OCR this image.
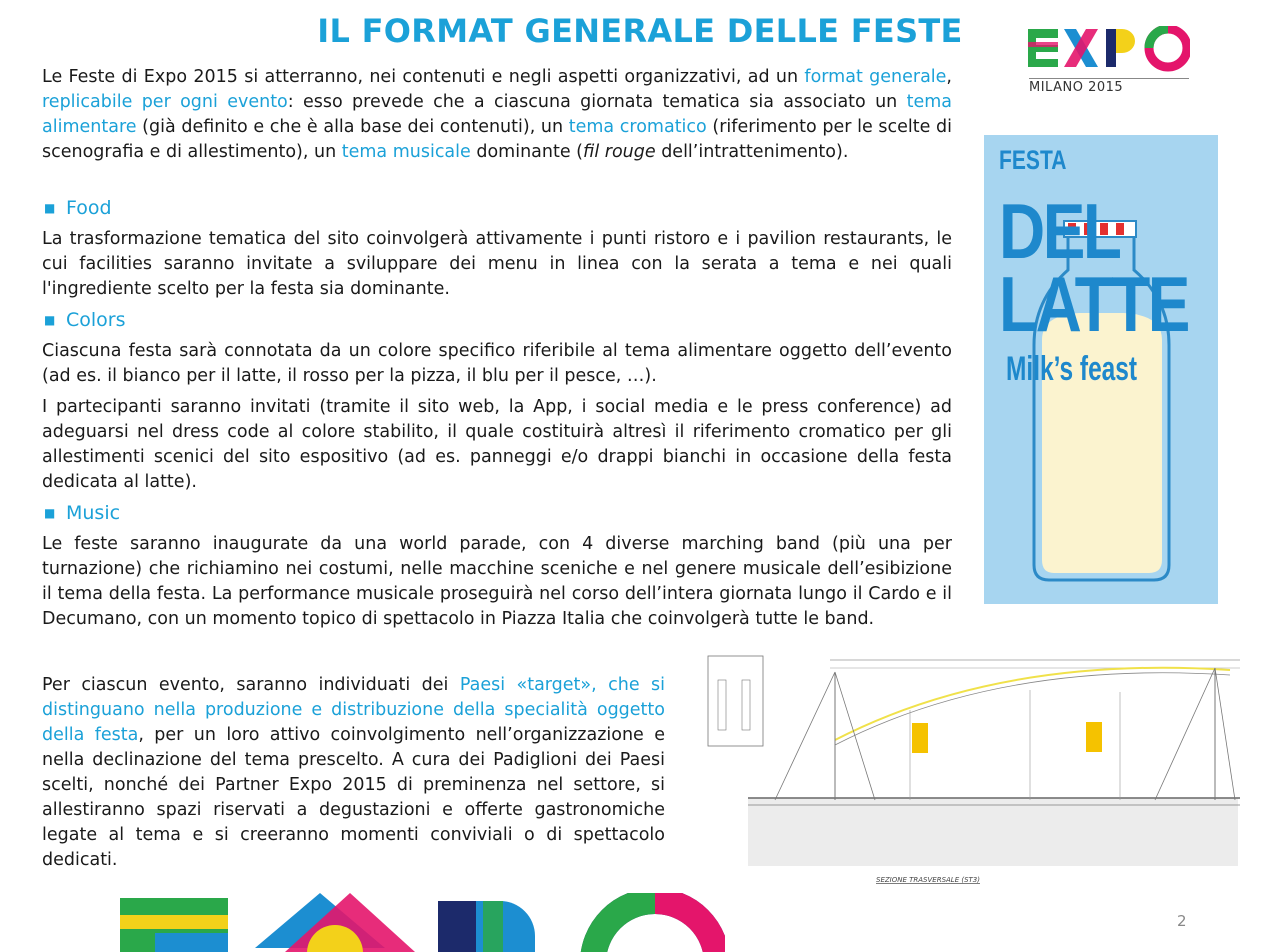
IL FORMAT GENERALE DELLE FESTE

Le Feste di Expo 2015 si atterranno, nei contenuti e negli aspetti organizzativi, ad un format generale, replicabile per ogni evento: esso prevede che a ciascuna giornata tematica sia associato un tema alimentare (già definito e che è alla base dei contenuti), un tema cromatico (riferimento per le scelte di scenografia e di allestimento), un tema musicale dominante (fil rouge dell’intrattenimento).

■ Food

La trasformazione tematica del sito coinvolgerà attivamente i punti ristoro e i pavilion restaurants, le cui facilities saranno invitate a sviluppare dei menu in linea con la serata a tema e nei quali l'ingrediente scelto per la festa sia dominante.

■ Colors

Ciascuna festa sarà connotata da un colore specifico riferibile al tema alimentare oggetto dell’evento (ad es. il bianco per il latte, il rosso per la pizza, il blu per il pesce, …).

I partecipanti saranno invitati (tramite il sito web, la App, i social media e le press conference) ad adeguarsi nel dress code al colore stabilito, il quale costituirà altresì il riferimento cromatico per gli allestimenti scenici del sito espositivo (ad es. panneggi e/o drappi bianchi in occasione della festa dedicata al latte).

■ Music

Le feste saranno inaugurate da una world parade, con 4 diverse marching band (più una per turnazione) che richiamino nei costumi, nelle macchine sceniche e nel genere musicale dell’esibizione il tema della festa. La performance musicale proseguirà nel corso dell’intera giornata lungo il Cardo e il Decumano, con un momento topico di spettacolo in Piazza Italia che coinvolgerà tutte le band.

Per ciascun evento, saranno individuati dei Paesi «target», che si distinguano nella produzione e distribuzione della specialità oggetto della festa, per un loro attivo coinvolgimento nell’organizzazione e nella declinazione del tema prescelto. A cura dei Padiglioni dei Paesi scelti, nonché dei Partner Expo 2015 di preminenza nel settore, si allestiranno spazi riservati a degustazioni e offerte gastronomiche legate al tema e si creeranno momenti conviviali o di spettacolo dedicati.

MILANO 2015
FESTA
DEL
LATTE
Milk’s feast
SEZIONE TRASVERSALE (ST3)
2
